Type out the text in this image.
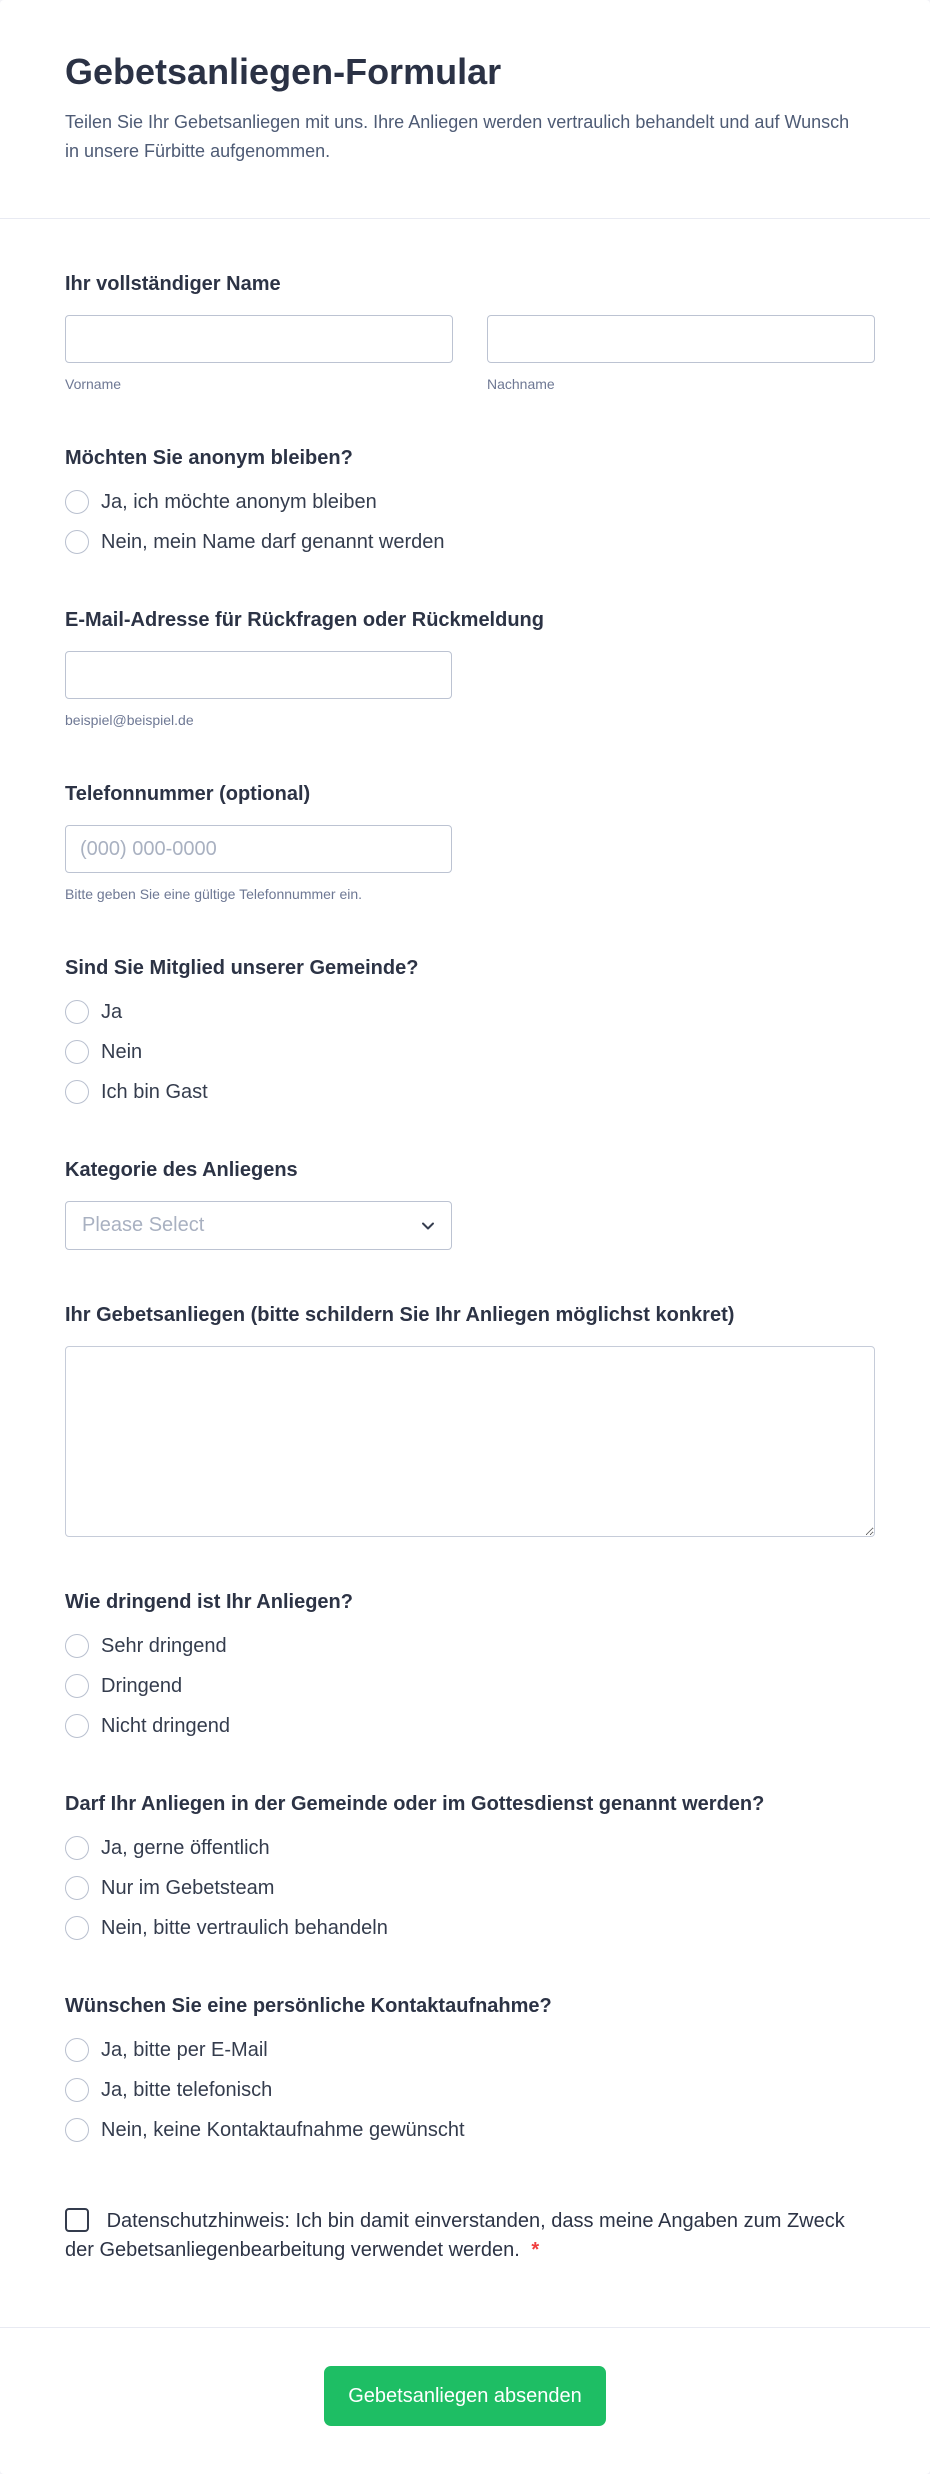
Gebetsanliegen-Formular

Teilen Sie Ihr Gebetsanliegen mit uns. Ihre Anliegen werden vertraulich behandelt und auf Wunsch in unsere Fürbitte aufgenommen.

Ihr vollständiger Name
Vorname	Nachname
Möchten Sie anonym bleiben?
Ja, ich möchte anonym bleiben
Nein, mein Name darf genannt werden
E-Mail-Adresse für Rückfragen oder Rückmeldung
beispiel@beispiel.de
Telefonnummer (optional)
(000) 000-0000
Bitte geben Sie eine gültige Telefonnummer ein.
Sind Sie Mitglied unserer Gemeinde?
Ja
Nein
Ich bin Gast
Kategorie des Anliegens
Please Select
Ihr Gebetsanliegen (bitte schildern Sie Ihr Anliegen möglichst konkret)
Wie dringend ist Ihr Anliegen?
Sehr dringend
Dringend
Nicht dringend
Darf Ihr Anliegen in der Gemeinde oder im Gottesdienst genannt werden?
Ja, gerne öffentlich
Nur im Gebetsteam
Nein, bitte vertraulich behandeln
Wünschen Sie eine persönliche Kontaktaufnahme?
Ja, bitte per E-Mail
Ja, bitte telefonisch
Nein, keine Kontaktaufnahme gewünscht
Datenschutzhinweis: Ich bin damit einverstanden, dass meine Angaben zum Zweck der Gebetsanliegenbearbeitung verwendet werden. *
Gebetsanliegen absenden
